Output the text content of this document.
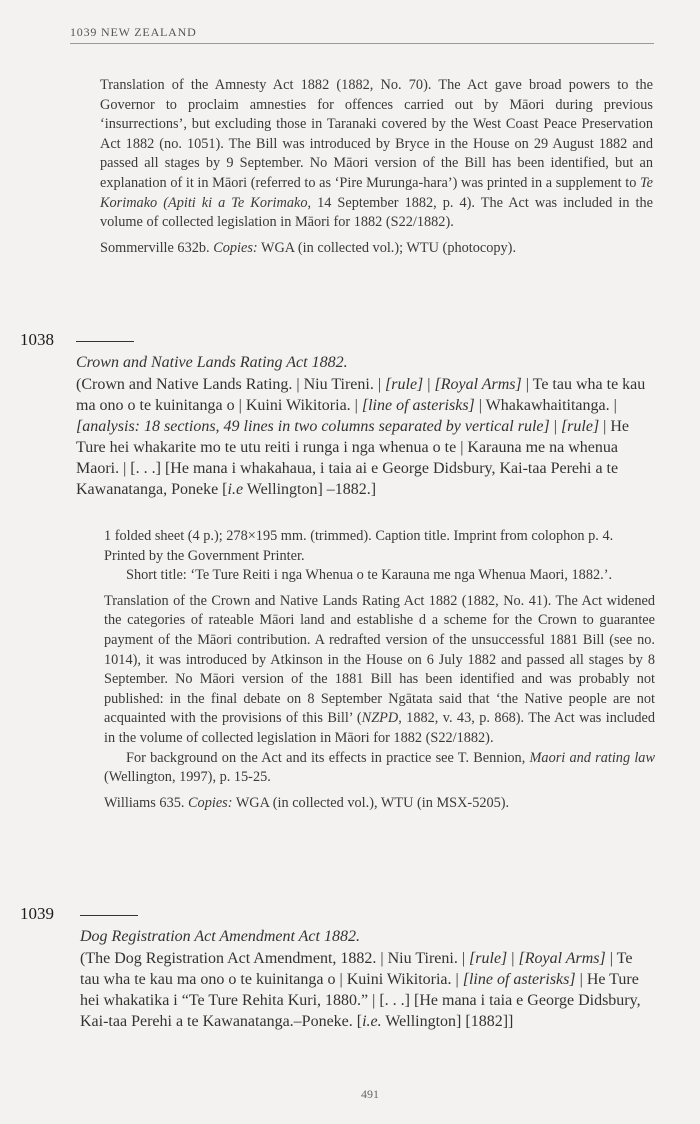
1039 NEW ZEALAND

Translation of the Amnesty Act 1882 (1882, No. 70). The Act gave broad powers to the Governor to proclaim amnesties for offences carried out by Māori during previous ‘insurrections’, but excluding those in Taranaki covered by the West Coast Peace Preservation Act 1882 (no. 1051). The Bill was introduced by Bryce in the House on 29 August 1882 and passed all stages by 9 September. No Māori version of the Bill has been identified, but an explanation of it in Māori (referred to as ‘Pire Murunga-hara’) was printed in a supplement to Te Korimako (Apiti ki a Te Korimako, 14 September 1882, p. 4). The Act was included in the volume of collected legislation in Māori for 1882 (S22/1882).

Sommerville 632b. Copies: WGA (in collected vol.); WTU (photocopy).

1038
Crown and Native Lands Rating Act 1882.
(Crown and Native Lands Rating. | Niu Tireni. | [rule] | [Royal Arms] | Te tau wha te kau ma ono o te kuinitanga o | Kuini Wikitoria. | [line of asterisks] | Whakawhaititanga. | [analysis: 18 sections, 49 lines in two columns separated by vertical rule] | [rule] | He Ture hei whakarite mo te utu reiti i runga i nga whenua o te | Karauna me na whenua Maori. | [. . .] [He mana i whakahaua, i taia ai e George Didsbury, Kai-taa Perehi a te Kawanatanga, Poneke [i.e Wellington] –1882.]

1 folded sheet (4 p.); 278×195 mm. (trimmed). Caption title. Imprint from colophon p. 4. Printed by the Government Printer.

Short title: ‘Te Ture Reiti i nga Whenua o te Karauna me nga Whenua Maori, 1882.’.

Translation of the Crown and Native Lands Rating Act 1882 (1882, No. 41). The Act widened the categories of rateable Māori land and establishe d a scheme for the Crown to guarantee payment of the Māori contribution. A redrafted version of the unsuccessful 1881 Bill (see no. 1014), it was introduced by Atkinson in the House on 6 July 1882 and passed all stages by 8 September. No Māori version of the 1881 Bill has been identified and was probably not published: in the final debate on 8 September Ngātata said that ‘the Native people are not acquainted with the provisions of this Bill’ (NZPD, 1882, v. 43, p. 868). The Act was included in the volume of collected legislation in Māori for 1882 (S22/1882).

For background on the Act and its effects in practice see T. Bennion, Maori and rating law (Wellington, 1997), p. 15-25.

Williams 635. Copies: WGA (in collected vol.), WTU (in MSX-5205).

1039
Dog Registration Act Amendment Act 1882.
(The Dog Registration Act Amendment, 1882. | Niu Tireni. | [rule] | [Royal Arms] | Te tau wha te kau ma ono o te kuinitanga o | Kuini Wikitoria. | [line of asterisks] | He Ture hei whakatika i “Te Ture Rehita Kuri, 1880.” | [. . .] [He mana i taia e George Didsbury, Kai-taa Perehi a te Kawanatanga.–Poneke. [i.e. Wellington] [1882]]
491
